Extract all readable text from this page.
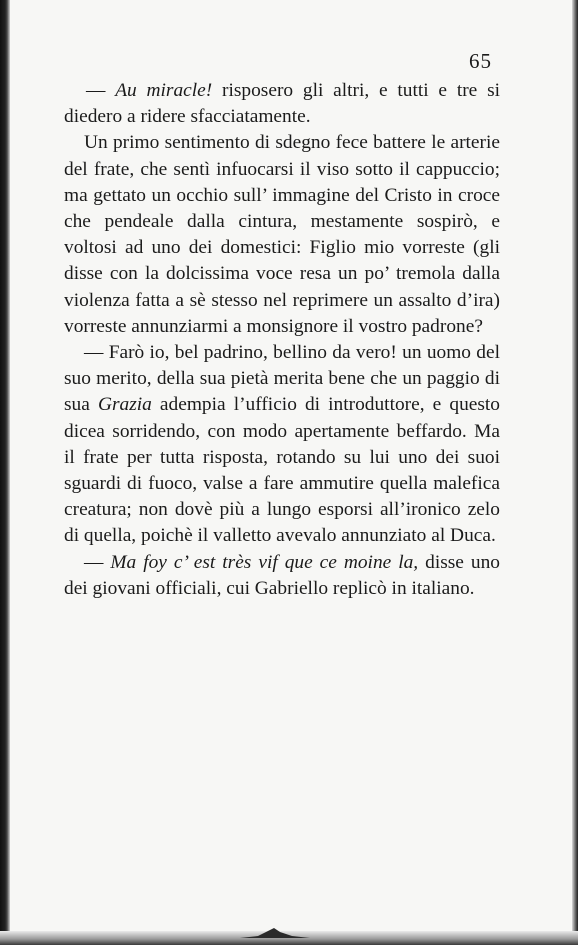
65

— Au miracle! risposero gli altri, e tutti e tre si diedero a ridere sfacciatamente.

Un primo sentimento di sdegno fece battere le arterie del frate, che sentì infuocarsi il viso sotto il cappuccio; ma gettato un occhio sull’ immagine del Cristo in croce che pendeale dalla cintura, mestamente sospirò, e voltosi ad uno dei domestici: Figlio mio vorreste (gli disse con la dolcissima voce resa un po’ tremola dalla violenza fatta a sè stesso nel reprimere un assalto d’ira) vorreste annunziarmi a monsignore il vostro padrone?

— Farò io, bel padrino, bellino da vero! un uomo del suo merito, della sua pietà merita bene che un paggio di sua Grazia adempia l’ufficio di introduttore, e questo dicea sorridendo, con modo apertamente beffardo. Ma il frate per tutta risposta, rotando su lui uno dei suoi sguardi di fuoco, valse a fare ammutire quella malefica creatura; non dovè più a lungo esporsi all’ironico zelo di quella, poichè il valletto avevalo annunziato al Duca.

— Ma foy c’ est très vif que ce moine la, disse uno dei giovani officiali, cui Gabriello replicò in italiano.
